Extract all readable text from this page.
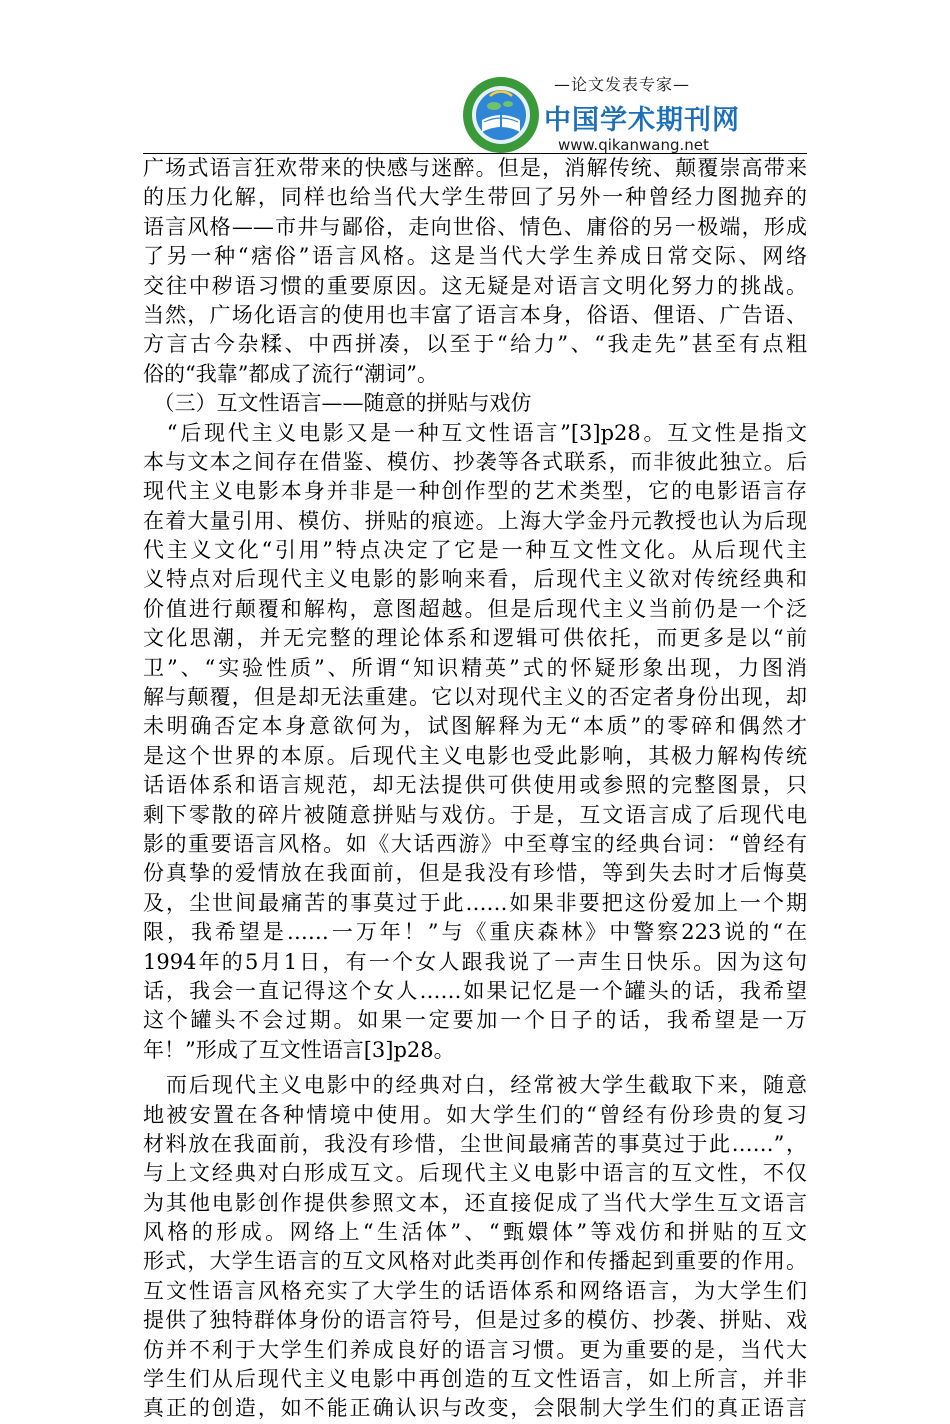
—论文发表专家—
中国学术期刊网
www.qikanwang.net
广场式语言狂欢带来的快感与迷醉。但是，消解传统、颠覆崇高带来
的压力化解，同样也给当代大学生带回了另外一种曾经力图抛弃的
语言风格——市井与鄙俗，走向世俗、情色、庸俗的另一极端，形成
了另一种“痞俗”语言风格。这是当代大学生养成日常交际、网络
交往中秽语习惯的重要原因。这无疑是对语言文明化努力的挑战。
当然，广场化语言的使用也丰富了语言本身，俗语、俚语、广告语、
方言古今杂糅、中西拼凑，以至于“给力”、“我走先”甚至有点粗
俗的“我靠”都成了流行“潮词”。
　（三）互文性语言——随意的拼贴与戏仿
　“后现代主义电影又是一种互文性语言”[3]p28。互文性是指文
本与文本之间存在借鉴、模仿、抄袭等各式联系，而非彼此独立。后
现代主义电影本身并非是一种创作型的艺术类型，它的电影语言存
在着大量引用、模仿、拼贴的痕迹。上海大学金丹元教授也认为后现
代主义文化“引用”特点决定了它是一种互文性文化。从后现代主
义特点对后现代主义电影的影响来看，后现代主义欲对传统经典和
价值进行颠覆和解构，意图超越。但是后现代主义当前仍是一个泛
文化思潮，并无完整的理论体系和逻辑可供依托，而更多是以“前
卫”、“实验性质”、所谓“知识精英”式的怀疑形象出现，力图消
解与颠覆，但是却无法重建。它以对现代主义的否定者身份出现，却
未明确否定本身意欲何为，试图解释为无“本质”的零碎和偶然才
是这个世界的本原。后现代主义电影也受此影响，其极力解构传统
话语体系和语言规范，却无法提供可供使用或参照的完整图景，只
剩下零散的碎片被随意拼贴与戏仿。于是，互文语言成了后现代电
影的重要语言风格。如《大话西游》中至尊宝的经典台词：“曾经有
份真挚的爱情放在我面前，但是我没有珍惜，等到失去时才后悔莫
及，尘世间最痛苦的事莫过于此……如果非要把这份爱加上一个期
限，我希望是……一万年！”与《重庆森林》中警察223说的“在
1994年的5月1日，有一个女人跟我说了一声生日快乐。因为这句
话，我会一直记得这个女人……如果记忆是一个罐头的话，我希望
这个罐头不会过期。如果一定要加一个日子的话，我希望是一万
年！”形成了互文性语言[3]p28。
　而后现代主义电影中的经典对白，经常被大学生截取下来，随意
地被安置在各种情境中使用。如大学生们的“曾经有份珍贵的复习
材料放在我面前，我没有珍惜，尘世间最痛苦的事莫过于此……”，
与上文经典对白形成互文。后现代主义电影中语言的互文性，不仅
为其他电影创作提供参照文本，还直接促成了当代大学生互文语言
风格的形成。网络上“生活体”、“甄嬛体”等戏仿和拼贴的互文
形式，大学生语言的互文风格对此类再创作和传播起到重要的作用。
互文性语言风格充实了大学生的话语体系和网络语言，为大学生们
提供了独特群体身份的语言符号，但是过多的模仿、抄袭、拼贴、戏
仿并不利于大学生们养成良好的语言习惯。更为重要的是，当代大
学生们从后现代主义电影中再创造的互文性语言，如上所言，并非
真正的创造，如不能正确认识与改变，会限制大学生们的真正语言
